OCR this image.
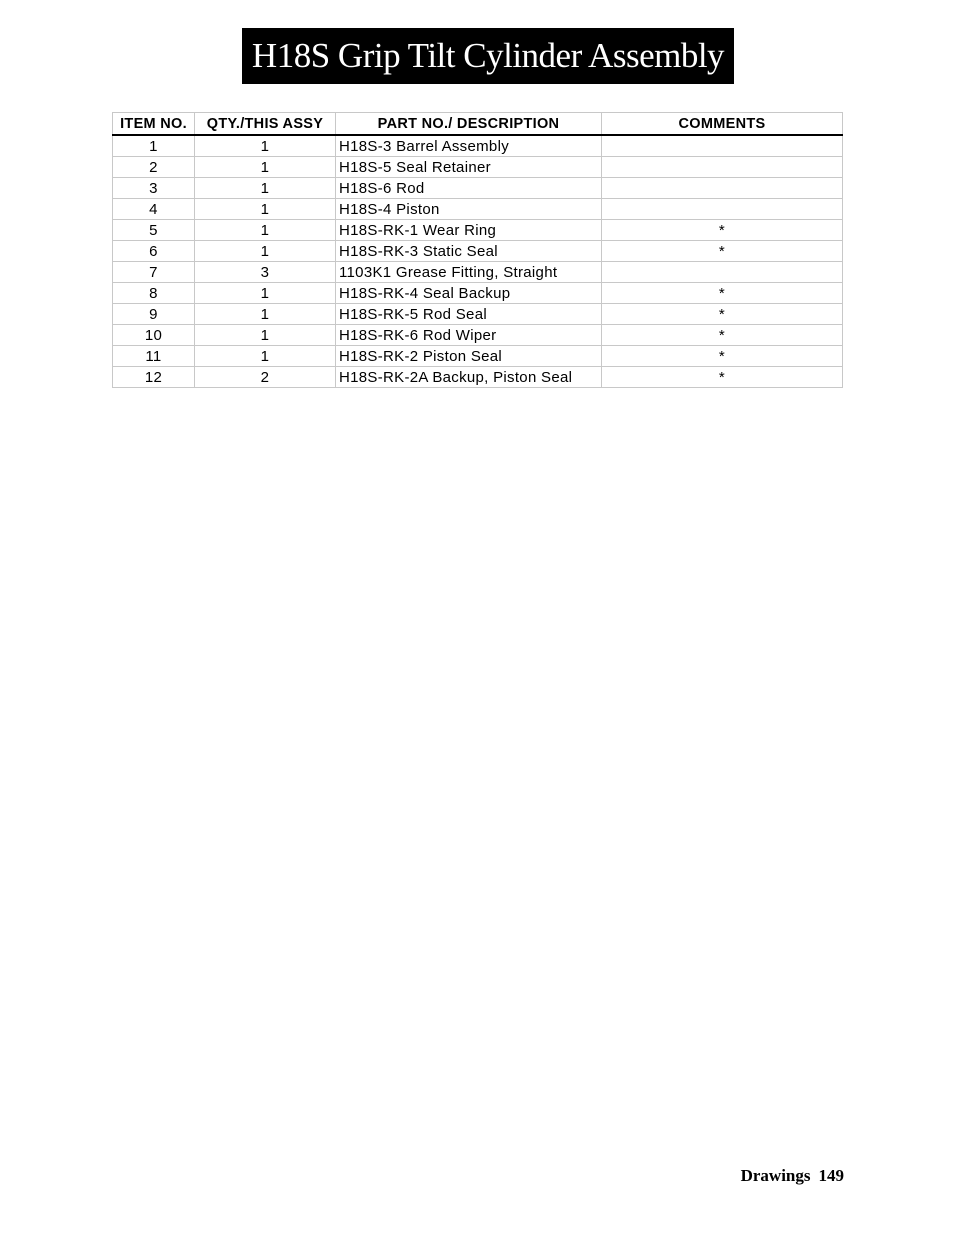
H18S Grip Tilt Cylinder Assembly
ITEM NO.	QTY./THIS ASSY	PART NO./ DESCRIPTION	COMMENTS
1	1	H18S-3 Barrel Assembly	
2	1	H18S-5 Seal Retainer	
3	1	H18S-6 Rod	
4	1	H18S-4 Piston	
5	1	H18S-RK-1 Wear Ring	*
6	1	H18S-RK-3 Static Seal	*
7	3	1103K1 Grease Fitting, Straight	
8	1	H18S-RK-4 Seal Backup	*
9	1	H18S-RK-5 Rod Seal	*
10	1	H18S-RK-6 Rod Wiper	*
11	1	H18S-RK-2 Piston Seal	*
12	2	H18S-RK-2A Backup, Piston Seal	*
Drawings 149
